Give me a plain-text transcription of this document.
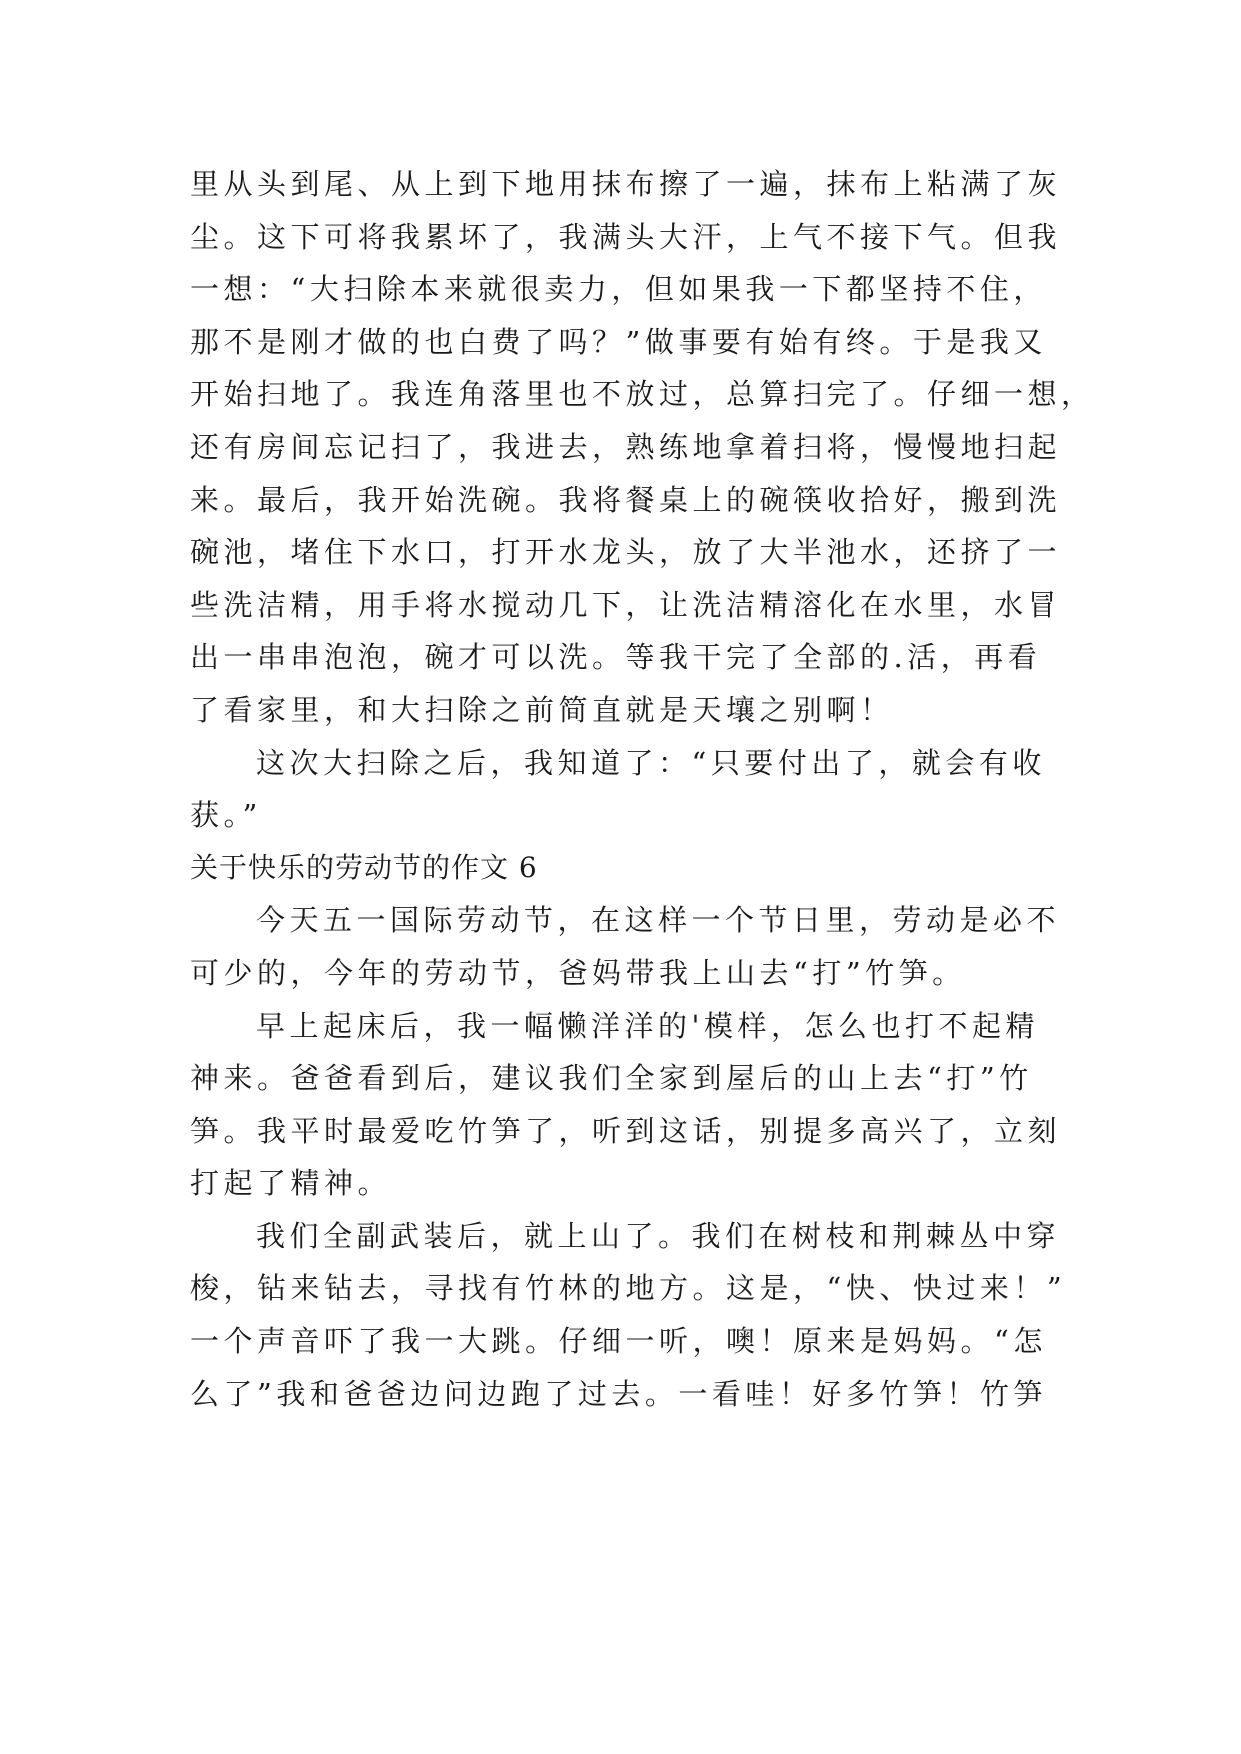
里从头到尾、从上到下地用抹布擦了一遍，抹布上粘满了灰
尘。这下可将我累坏了，我满头大汗，上气不接下气。但我
一想：“大扫除本来就很卖力，但如果我一下都坚持不住，
那不是刚才做的也白费了吗？”做事要有始有终。于是我又
开始扫地了。我连角落里也不放过，总算扫完了。仔细一想，
还有房间忘记扫了，我进去，熟练地拿着扫将，慢慢地扫起
来。最后，我开始洗碗。我将餐桌上的碗筷收拾好，搬到洗
碗池，堵住下水口，打开水龙头，放了大半池水，还挤了一
些洗洁精，用手将水搅动几下，让洗洁精溶化在水里，水冒
出一串串泡泡，碗才可以洗。等我干完了全部的.活，再看
了看家里，和大扫除之前简直就是天壤之别啊！
这次大扫除之后，我知道了：“只要付出了，就会有收
获。”
关于快乐的劳动节的作文 6
今天五一国际劳动节，在这样一个节日里，劳动是必不
可少的，今年的劳动节，爸妈带我上山去“打”竹笋。
早上起床后，我一幅懒洋洋的'模样，怎么也打不起精
神来。爸爸看到后，建议我们全家到屋后的山上去“打”竹
笋。我平时最爱吃竹笋了，听到这话，别提多高兴了，立刻
打起了精神。
我们全副武装后，就上山了。我们在树枝和荆棘丛中穿
梭，钻来钻去，寻找有竹林的地方。这是，“快、快过来！”
一个声音吓了我一大跳。仔细一听，噢！原来是妈妈。“怎
么了”我和爸爸边问边跑了过去。一看哇！好多竹笋！竹笋
